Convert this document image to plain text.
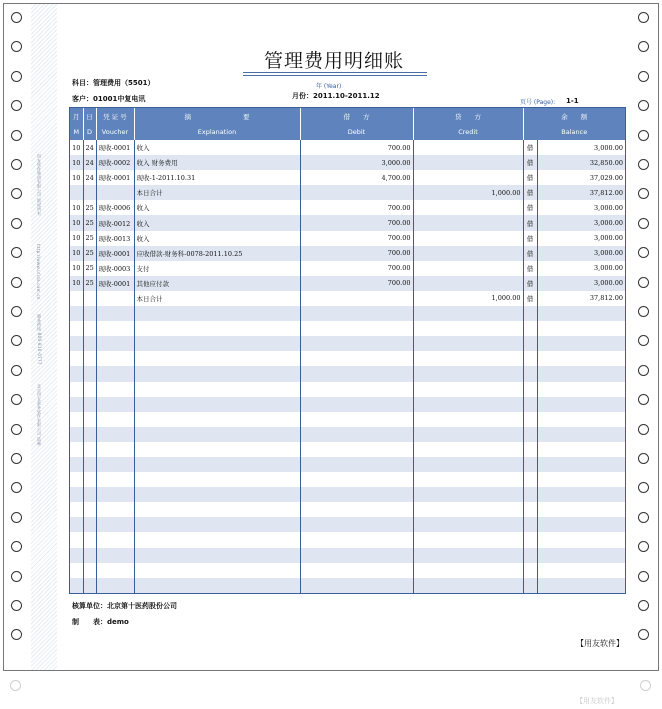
用友软件集团有限公司 版权所有
http://www.ufida.com.cn
服务热线 800-810-0777
北京用友政务软件有限公司 监制
管理费用明细账
科目：管理费用（5501）
客户：01001中复电讯
年 (Year)
月份：2011.10-2011.12
页号 (Page): 1-1
月	日	凭 证 号	摘　　　　　　　　要	借　　方	贷　　方	余　　额	
M	D	Voucher	Explanation	Debit	Credit	Balance	
10	24	现收-0001	收入	700.00		借	3,000.00
10	24	现收-0002	收入 财务费用	3,000.00		借	32,850.00
10	24	现收-0001	现收-1-2011.10.31	4,700.00		借	37,029.00
			本日合计		1,000.00	借	37,812.00
10	25	现收-0006	收入	700.00		借	3,000.00
10	25	现收-0012	收入	700.00		借	3,000.00
10	25	现收-0013	收入	700.00		借	3,000.00
10	25	现收-0001	应收借款-财务科-0078-2011.10.25	700.00		借	3,000.00
10	25	现收-0003	支付	700.00		借	3,000.00
10	25	现收-0001	其他应付款	700.00		借	3,000.00
			本日合计		1,000.00	借	37,812.00

核算单位：北京第十医药股份公司
制　　表：demo
【用友软件】
【用友软件】
